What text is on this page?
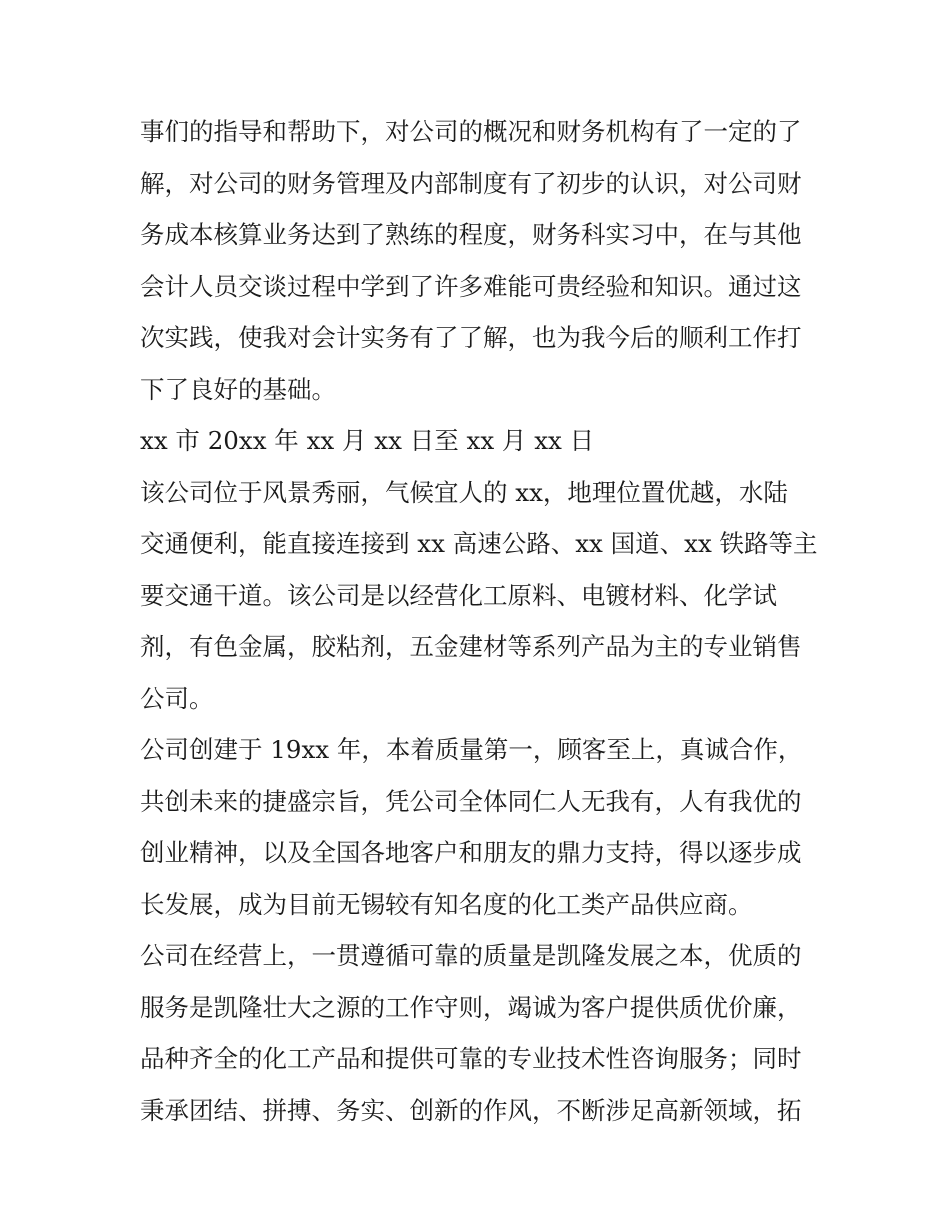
事们的指导和帮助下，对公司的概况和财务机构有了一定的了
解，对公司的财务管理及内部制度有了初步的认识，对公司财
务成本核算业务达到了熟练的程度，财务科实习中，在与其他
会计人员交谈过程中学到了许多难能可贵经验和知识。通过这
次实践，使我对会计实务有了了解，也为我今后的顺利工作打
下了良好的基础。
xx 市 20xx 年 xx 月 xx 日至 xx 月 xx 日
该公司位于风景秀丽，气候宜人的 xx，地理位置优越，水陆
交通便利，能直接连接到 xx 高速公路、xx 国道、xx 铁路等主
要交通干道。该公司是以经营化工原料、电镀材料、化学试
剂，有色金属，胶粘剂，五金建材等系列产品为主的专业销售
公司。
公司创建于 19xx 年，本着质量第一，顾客至上，真诚合作，
共创未来的捷盛宗旨，凭公司全体同仁人无我有，人有我优的
创业精神，以及全国各地客户和朋友的鼎力支持，得以逐步成
长发展，成为目前无锡较有知名度的化工类产品供应商。
公司在经营上，一贯遵循可靠的质量是凯隆发展之本，优质的
服务是凯隆壮大之源的工作守则，竭诚为客户提供质优价廉，
品种齐全的化工产品和提供可靠的专业技术性咨询服务；同时
秉承团结、拼搏、务实、创新的作风，不断涉足高新领域，拓
